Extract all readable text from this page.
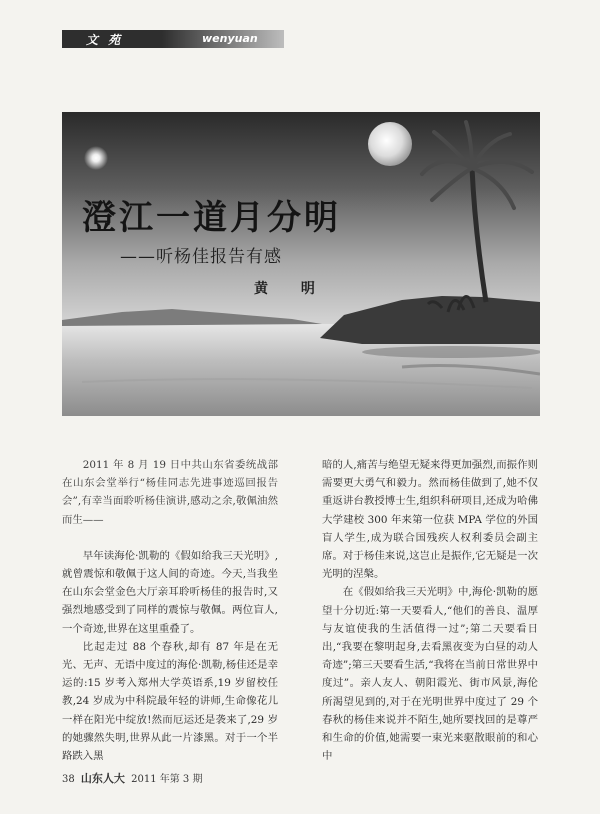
文 苑	wenyuan
澄江一道月分明
——听杨佳报告有感
黄 明

2011 年 8 月 19 日中共山东省委统战部在山东会堂举行“杨佳同志先进事迹巡回报告会”,有幸当面聆听杨佳演讲,感动之余,敬佩油然而生——

早年读海伦·凯勒的《假如给我三天光明》,就曾震惊和敬佩于这人间的奇迹。今天,当我坐在山东会堂金色大厅亲耳聆听杨佳的报告时,又强烈地感受到了同样的震惊与敬佩。两位盲人,一个奇迹,世界在这里重叠了。

比起走过 88 个春秋,却有 87 年是在无光、无声、无语中度过的海伦·凯勒,杨佳还是幸运的:15 岁考入郑州大学英语系,19 岁留校任教,24 岁成为中科院最年轻的讲师,生命像花儿一样在阳光中绽放!然而厄运还是袭来了,29 岁的她骤然失明,世界从此一片漆黑。对于一个半路跌入黑

暗的人,痛苦与绝望无疑来得更加强烈,而振作则需要更大勇气和毅力。然而杨佳做到了,她不仅重返讲台教授博士生,组织科研项目,还成为哈佛大学建校 300 年来第一位获 MPA 学位的外国盲人学生,成为联合国残疾人权利委员会副主席。对于杨佳来说,这岂止是振作,它无疑是一次光明的涅槃。

在《假如给我三天光明》中,海伦·凯勒的愿望十分切近:第一天要看人,“他们的善良、温厚与友谊使我的生活值得一过”;第二天要看日出,“我要在黎明起身,去看黑夜变为白昼的动人奇迹”;第三天要看生活,“我将在当前日常世界中度过”。亲人友人、朝阳霞光、街市风景,海伦所渴望见到的,对于在光明世界中度过了 29 个春秋的杨佳来说并不陌生,她所要找回的是尊严和生命的价值,她需要一束光来驱散眼前的和心中

38 山东人大 2011 年第 3 期
